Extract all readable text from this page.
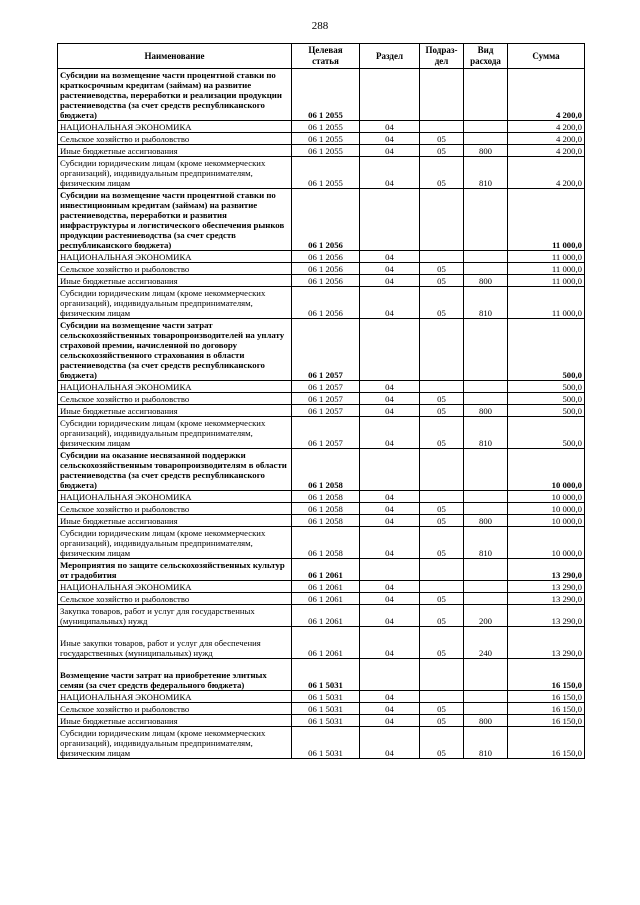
288
Наименование	Целевая статья	Раздел	Подраз-дел	Вид расхода	Сумма
Субсидии на возмещение части процентной ставки по краткосрочным кредитам (займам) на развитие растениеводства, переработки и реализации продукции растениеводства (за счет средств республиканского бюджета)	06 1 2055				4 200,0
НАЦИОНАЛЬНАЯ ЭКОНОМИКА	06 1 2055	04			4 200,0
Сельское хозяйство и рыболовство	06 1 2055	04	05		4 200,0
Иные бюджетные ассигнования	06 1 2055	04	05	800	4 200,0
Субсидии юридическим лицам (кроме некоммерческих организаций), индивидуальным предпринимателям, физическим лицам	06 1 2055	04	05	810	4 200,0
Субсидии на возмещение части процентной ставки по инвестиционным кредитам (займам) на развитие растениеводства, переработки и развития инфраструктуры и логистического обеспечения рынков продукции растениеводства (за счет средств республиканского бюджета)	06 1 2056				11 000,0
НАЦИОНАЛЬНАЯ ЭКОНОМИКА	06 1 2056	04			11 000,0
Сельское хозяйство и рыболовство	06 1 2056	04	05		11 000,0
Иные бюджетные ассигнования	06 1 2056	04	05	800	11 000,0
Субсидии юридическим лицам (кроме некоммерческих организаций), индивидуальным предпринимателям, физическим лицам	06 1 2056	04	05	810	11 000,0
Субсидии на возмещение части затрат сельскохозяйственных товаропроизводителей на уплату страховой премии, начисленной по договору сельскохозяйственного страхования в области растениеводства (за счет средств республиканского бюджета)	06 1 2057				500,0
НАЦИОНАЛЬНАЯ ЭКОНОМИКА	06 1 2057	04			500,0
Сельское хозяйство и рыболовство	06 1 2057	04	05		500,0
Иные бюджетные ассигнования	06 1 2057	04	05	800	500,0
Субсидии юридическим лицам (кроме некоммерческих организаций), индивидуальным предпринимателям, физическим лицам	06 1 2057	04	05	810	500,0
Субсидии на оказание несвязанной поддержки сельскохозяйственным товаропроизводителям в области растениеводства (за счет средств республиканского бюджета)	06 1 2058				10 000,0
НАЦИОНАЛЬНАЯ ЭКОНОМИКА	06 1 2058	04			10 000,0
Сельское хозяйство и рыболовство	06 1 2058	04	05		10 000,0
Иные бюджетные ассигнования	06 1 2058	04	05	800	10 000,0
Субсидии юридическим лицам (кроме некоммерческих организаций), индивидуальным предпринимателям, физическим лицам	06 1 2058	04	05	810	10 000,0
Мероприятия по защите сельскохозяйственных культур от градобития	06 1 2061				13 290,0
НАЦИОНАЛЬНАЯ ЭКОНОМИКА	06 1 2061	04			13 290,0
Сельское хозяйство и рыболовство	06 1 2061	04	05		13 290,0
Закупка товаров, работ и услуг для государственных (муниципальных) нужд	06 1 2061	04	05	200	13 290,0
Иные закупки товаров, работ и услуг для обеспечения государственных (муниципальных) нужд	06 1 2061	04	05	240	13 290,0
Возмещение части затрат на приобретение элитных семян (за счет средств федерального бюджета)	06 1 5031				16 150,0
НАЦИОНАЛЬНАЯ ЭКОНОМИКА	06 1 5031	04			16 150,0
Сельское хозяйство и рыболовство	06 1 5031	04	05		16 150,0
Иные бюджетные ассигнования	06 1 5031	04	05	800	16 150,0
Субсидии юридическим лицам (кроме некоммерческих организаций), индивидуальным предпринимателям, физическим лицам	06 1 5031	04	05	810	16 150,0
